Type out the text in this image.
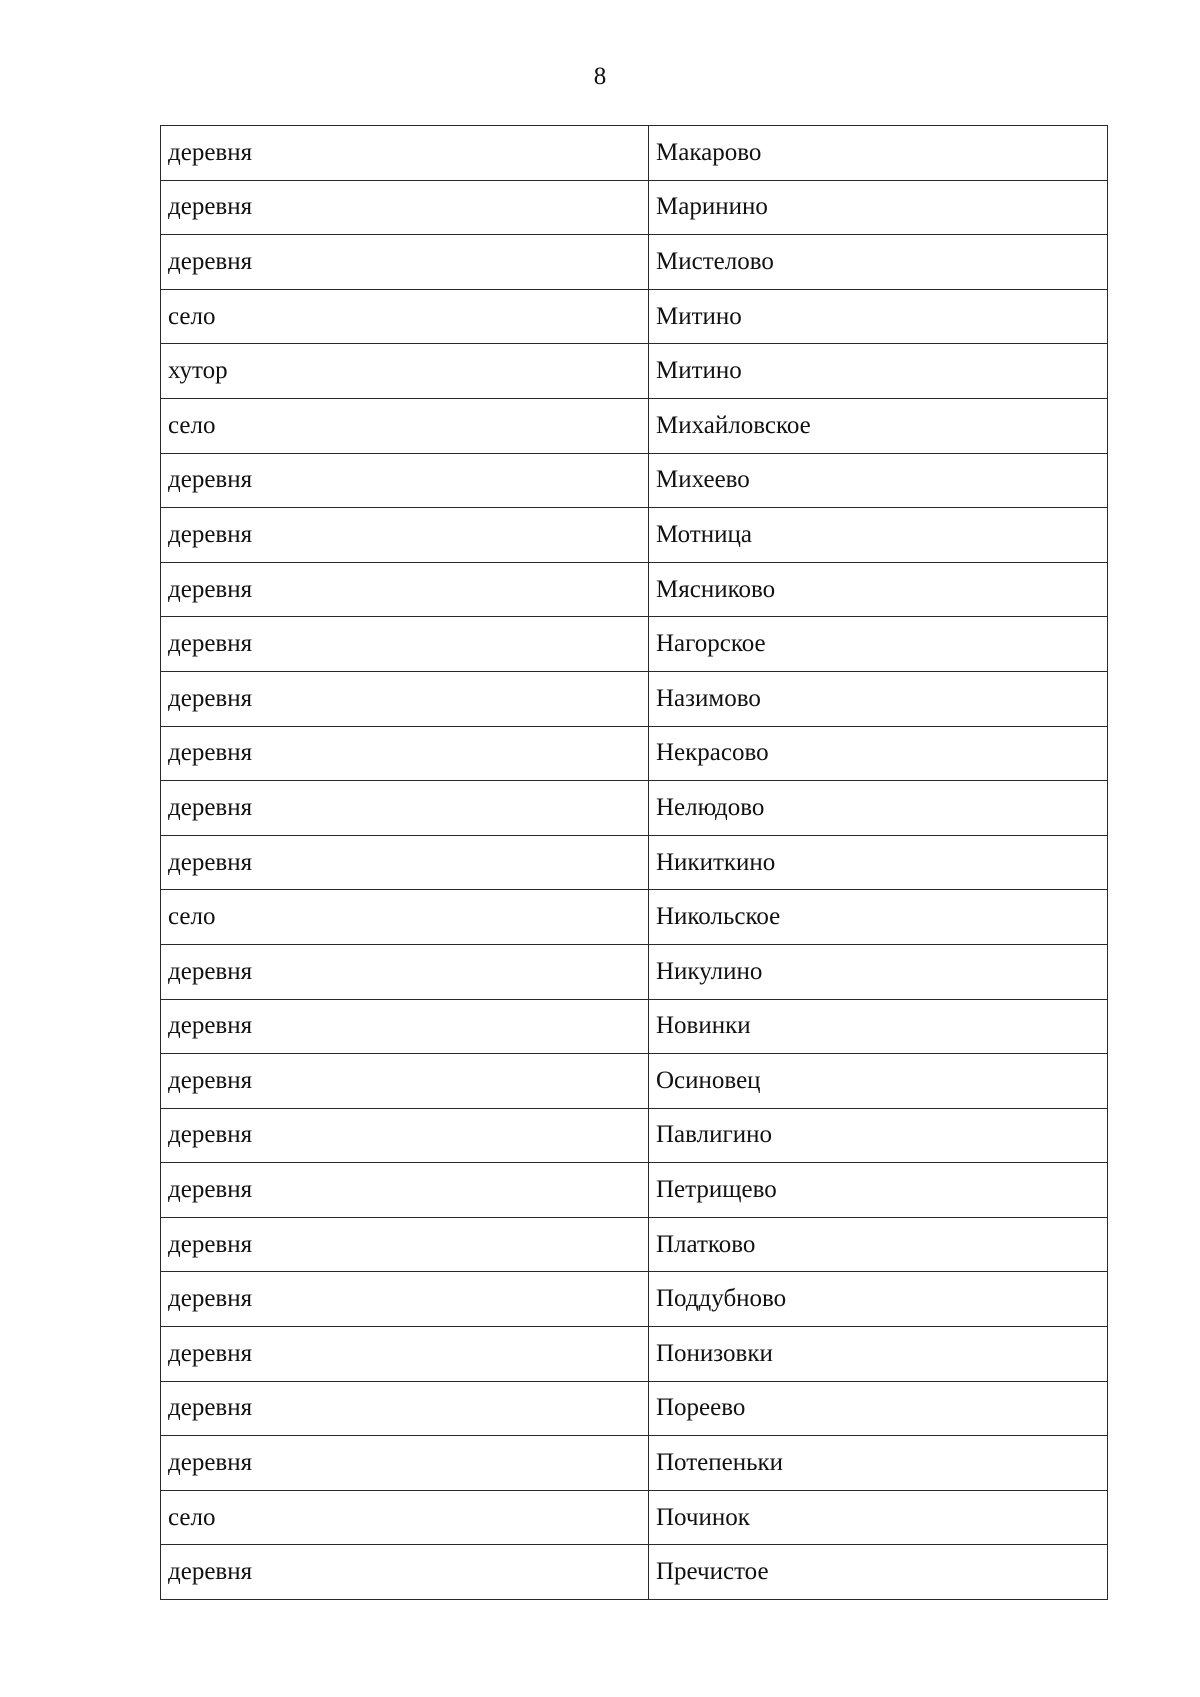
8
деревня	Макарово
деревня	Маринино
деревня	Мистелово
село	Митино
хутор	Митино
село	Михайловское
деревня	Михеево
деревня	Мотница
деревня	Мясниково
деревня	Нагорское
деревня	Назимово
деревня	Некрасово
деревня	Нелюдово
деревня	Никиткино
село	Никольское
деревня	Никулино
деревня	Новинки
деревня	Осиновец
деревня	Павлигино
деревня	Петрищево
деревня	Платково
деревня	Поддубново
деревня	Понизовки
деревня	Пореево
деревня	Потепеньки
село	Починок
деревня	Пречистое
